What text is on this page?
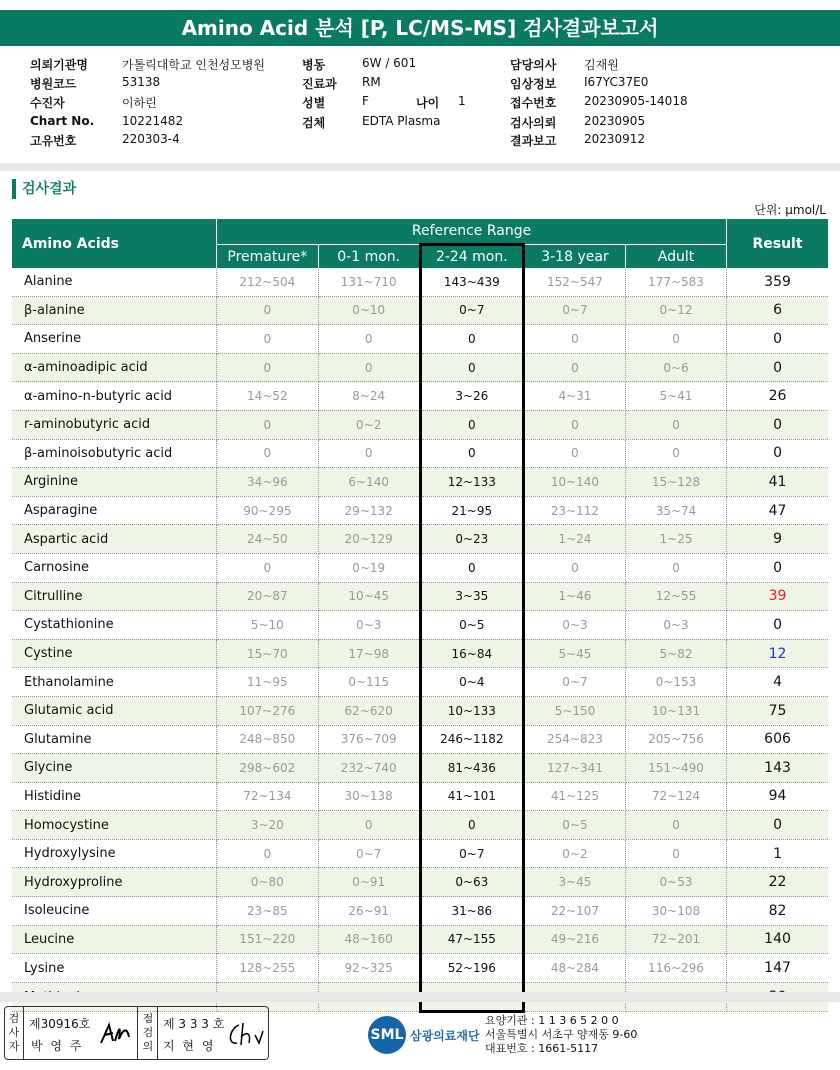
Amino Acid 분석 [P, LC/MS-MS] 검사결과보고서
의뢰기관명	가톨릭대학교 인천성모병원
병원코드	53138
수진자	이하린
Chart No. 10221482
고유번호	220303-4
병동	6W / 601
진료과 RM
성별	F
검체	EDTA Plasma
나이 1
담당의사 김재원
임상정보 I67YC37E0
접수번호 20230905-14018
검사의뢰 20230905
결과보고 20230912
검사결과
단위: μmol/L
Amino Acids	Reference Range					Result
	Premature*	0-1 mon.	2-24 mon.	3-18 year	Adult	
Alanine	212~504	131~710	143~439	152~547	177~583	359
β-alanine	0	0~10	0~7	0~7	0~12	6
Anserine	0	0	0	0	0	0
α-aminoadipic acid	0	0	0	0	0~6	0
α-amino-n-butyric acid	14~52	8~24	3~26	4~31	5~41	26
r-aminobutyric acid	0	0~2	0	0	0	0
β-aminoisobutyric acid	0	0	0	0	0	0
Arginine	34~96	6~140	12~133	10~140	15~128	41
Asparagine	90~295	29~132	21~95	23~112	35~74	47
Aspartic acid	24~50	20~129	0~23	1~24	1~25	9
Carnosine	0	0~19	0	0	0	0
Citrulline	20~87	10~45	3~35	1~46	12~55	39
Cystathionine	5~10	0~3	0~5	0~3	0~3	0
Cystine	15~70	17~98	16~84	5~45	5~82	12
Ethanolamine	11~95	0~115	0~4	0~7	0~153	4
Glutamic acid	107~276	62~620	10~133	5~150	10~131	75
Glutamine	248~850	376~709	246~1182	254~823	205~756	606
Glycine	298~602	232~740	81~436	127~341	151~490	143
Histidine	72~134	30~138	41~101	41~125	72~124	94
Homocystine	3~20	0	0	0~5	0	0
Hydroxylysine	0	0~7	0~7	0~2	0	1
Hydroxyproline	0~80	0~91	0~63	3~45	0~53	22
Isoleucine	23~85	26~91	31~86	22~107	30~108	82
Leucine	151~220	48~160	47~155	49~216	72~201	140
Lysine	128~255	92~325	52~196	48~284	116~296	147

검
사
자
제30916호
박 영 주
점
검
의
제 3 3 3 호
지 현 영
SML 삼광의료재단
요양기관 : 1 1 3 6 5 2 0 0
서울특별시 서초구 양재동 9-60
대표번호 : 1661-5117
